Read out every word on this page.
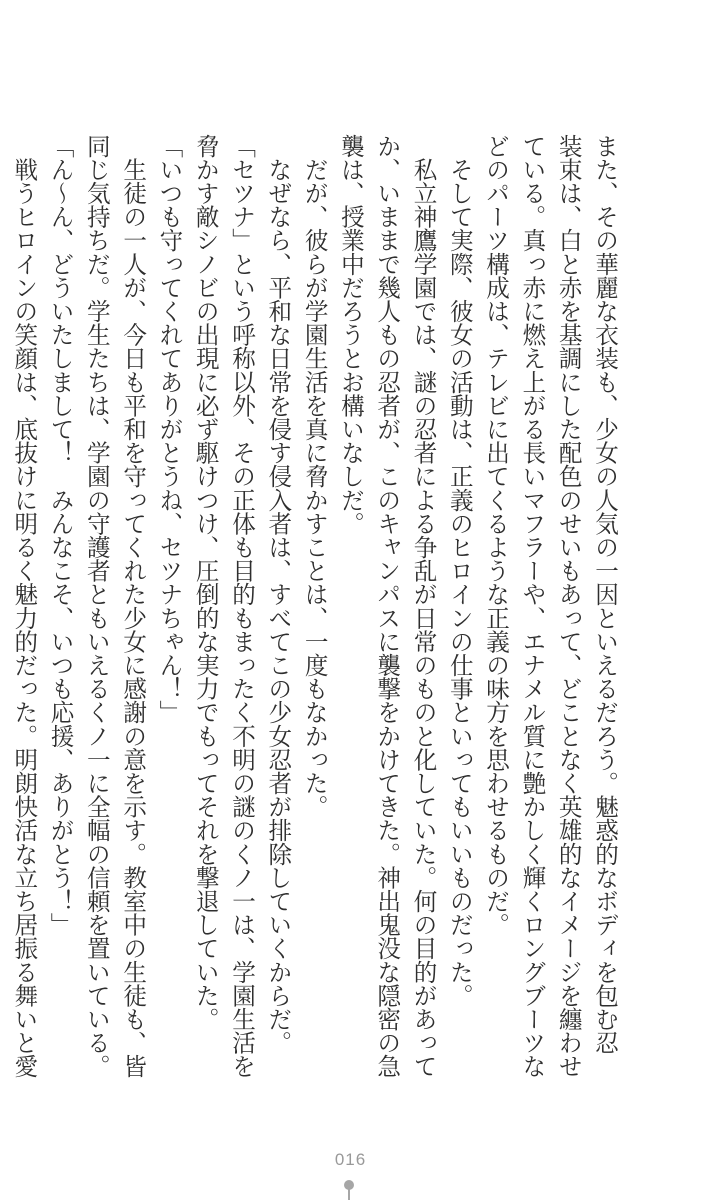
また、その華麗な衣装も、少女の人気の一因といえるだろう。魅惑的なボディを包む忍

装束は、白と赤を基調にした配色のせいもあって、どことなく英雄的なイメージを纏わせ

ている。真っ赤に燃え上がる長いマフラーや、エナメル質に艶かしく輝くロングブーツな

どのパーツ構成は、テレビに出てくるような正義の味方を思わせるものだ。

　そして実際、彼女の活動は、正義のヒロインの仕事といってもいいものだった。

　私立神鷹学園では、謎の忍者による争乱が日常のものと化していた。何の目的があって

か、いままで幾人もの忍者が、このキャンパスに襲撃をかけてきた。神出鬼没な隠密の急

襲は、授業中だろうとお構いなしだ。

　だが、彼らが学園生活を真に脅かすことは、一度もなかった。

　なぜなら、平和な日常を侵す侵入者は、すべてこの少女忍者が排除していくからだ。

「セツナ」という呼称以外、その正体も目的もまったく不明の謎のくノ一は、学園生活を

脅かす敵シノビの出現に必ず駆けつけ、圧倒的な実力でもってそれを撃退していた。

「いつも守ってくれてありがとうね、セツナちゃん！」

　生徒の一人が、今日も平和を守ってくれた少女に感謝の意を示す。教室中の生徒も、皆

同じ気持ちだ。学生たちは、学園の守護者ともいえるくノ一に全幅の信頼を置いている。

「ん～ん、どういたしまして！　みんなこそ、いつも応援、ありがとう！」

　戦うヒロインの笑顔は、底抜けに明るく魅力的だった。明朗快活な立ち居振る舞いと愛

016
